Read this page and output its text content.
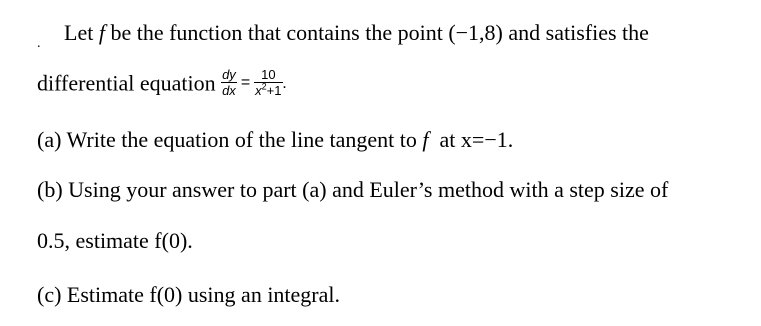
. Let f be the function that contains the point (−1,8) and satisfies the
differential equation $\frac{dy}{dx} = \frac{10}{x^2+1}$ .
(a) Write the equation of the line tangent to f  at x=−1.
(b) Using your answer to part (a) and Euler’s method with a step size of
0.5, estimate f(0).
(c) Estimate f(0) using an integral.
